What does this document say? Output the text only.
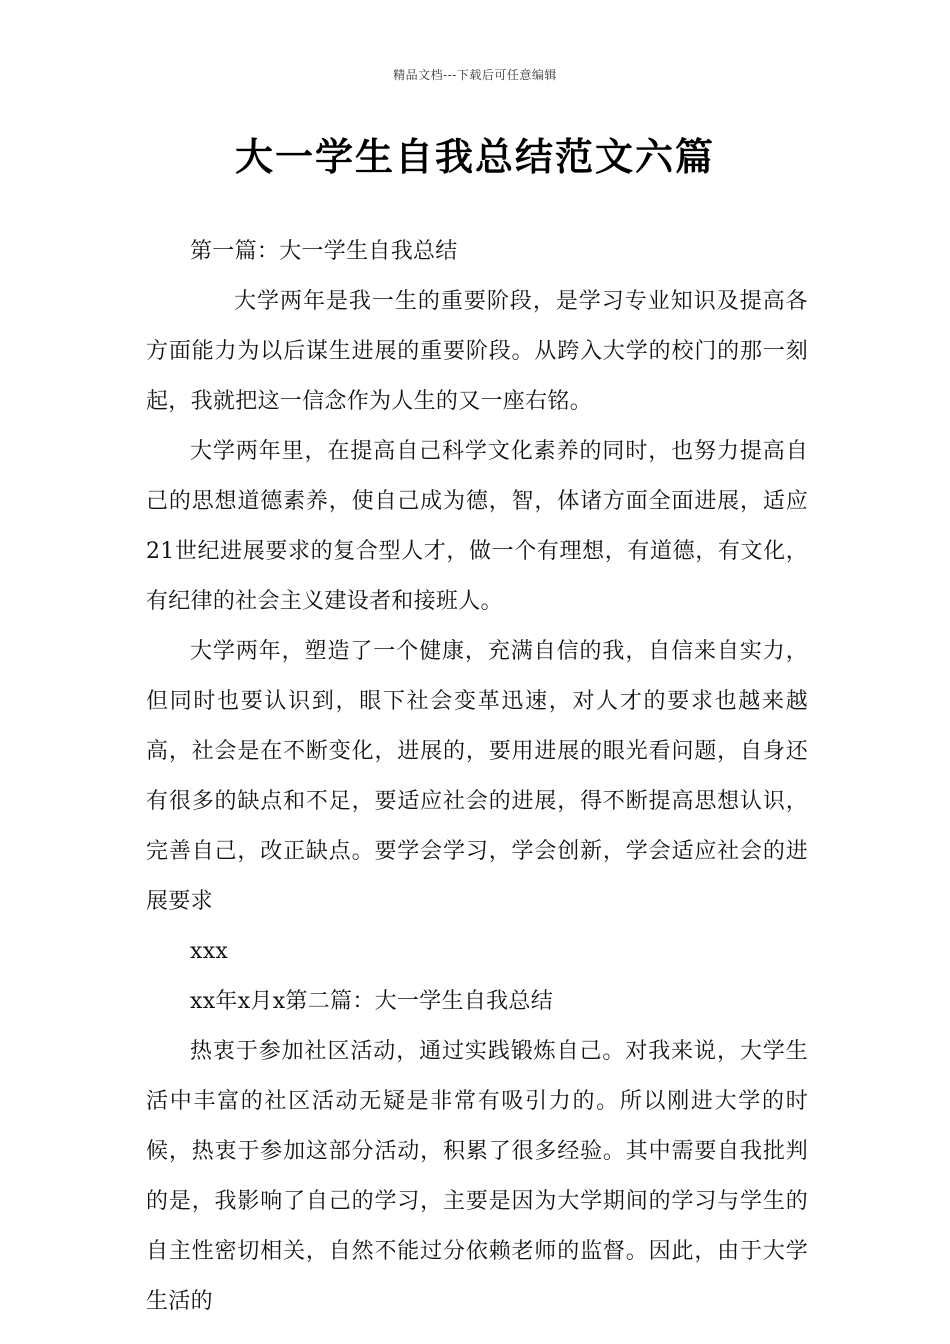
精品文档---下载后可任意编辑
大一学生自我总结范文六篇

第一篇：大一学生自我总结

大学两年是我一生的重要阶段，是学习专业知识及提高各方面能力为以后谋生进展的重要阶段。从跨入大学的校门的那一刻起，我就把这一信念作为人生的又一座右铭。

大学两年里，在提高自己科学文化素养的同时，也努力提高自己的思想道德素养，使自己成为德，智，体诸方面全面进展，适应21世纪进展要求的复合型人才，做一个有理想，有道德，有文化，有纪律的社会主义建设者和接班人。

大学两年，塑造了一个健康，充满自信的我，自信来自实力，但同时也要认识到，眼下社会变革迅速，对人才的要求也越来越高，社会是在不断变化，进展的，要用进展的眼光看问题，自身还有很多的缺点和不足，要适应社会的进展，得不断提高思想认识，完善自己，改正缺点。要学会学习，学会创新，学会适应社会的进展要求

xxx

xx年x月x第二篇：大一学生自我总结

热衷于参加社区活动，通过实践锻炼自己。对我来说，大学生活中丰富的社区活动无疑是非常有吸引力的。所以刚进大学的时候，热衷于参加这部分活动，积累了很多经验。其中需要自我批判的是，我影响了自己的学习，主要是因为大学期间的学习与学生的自主性密切相关，自然不能过分依赖老师的监督。因此，由于大学生活的
